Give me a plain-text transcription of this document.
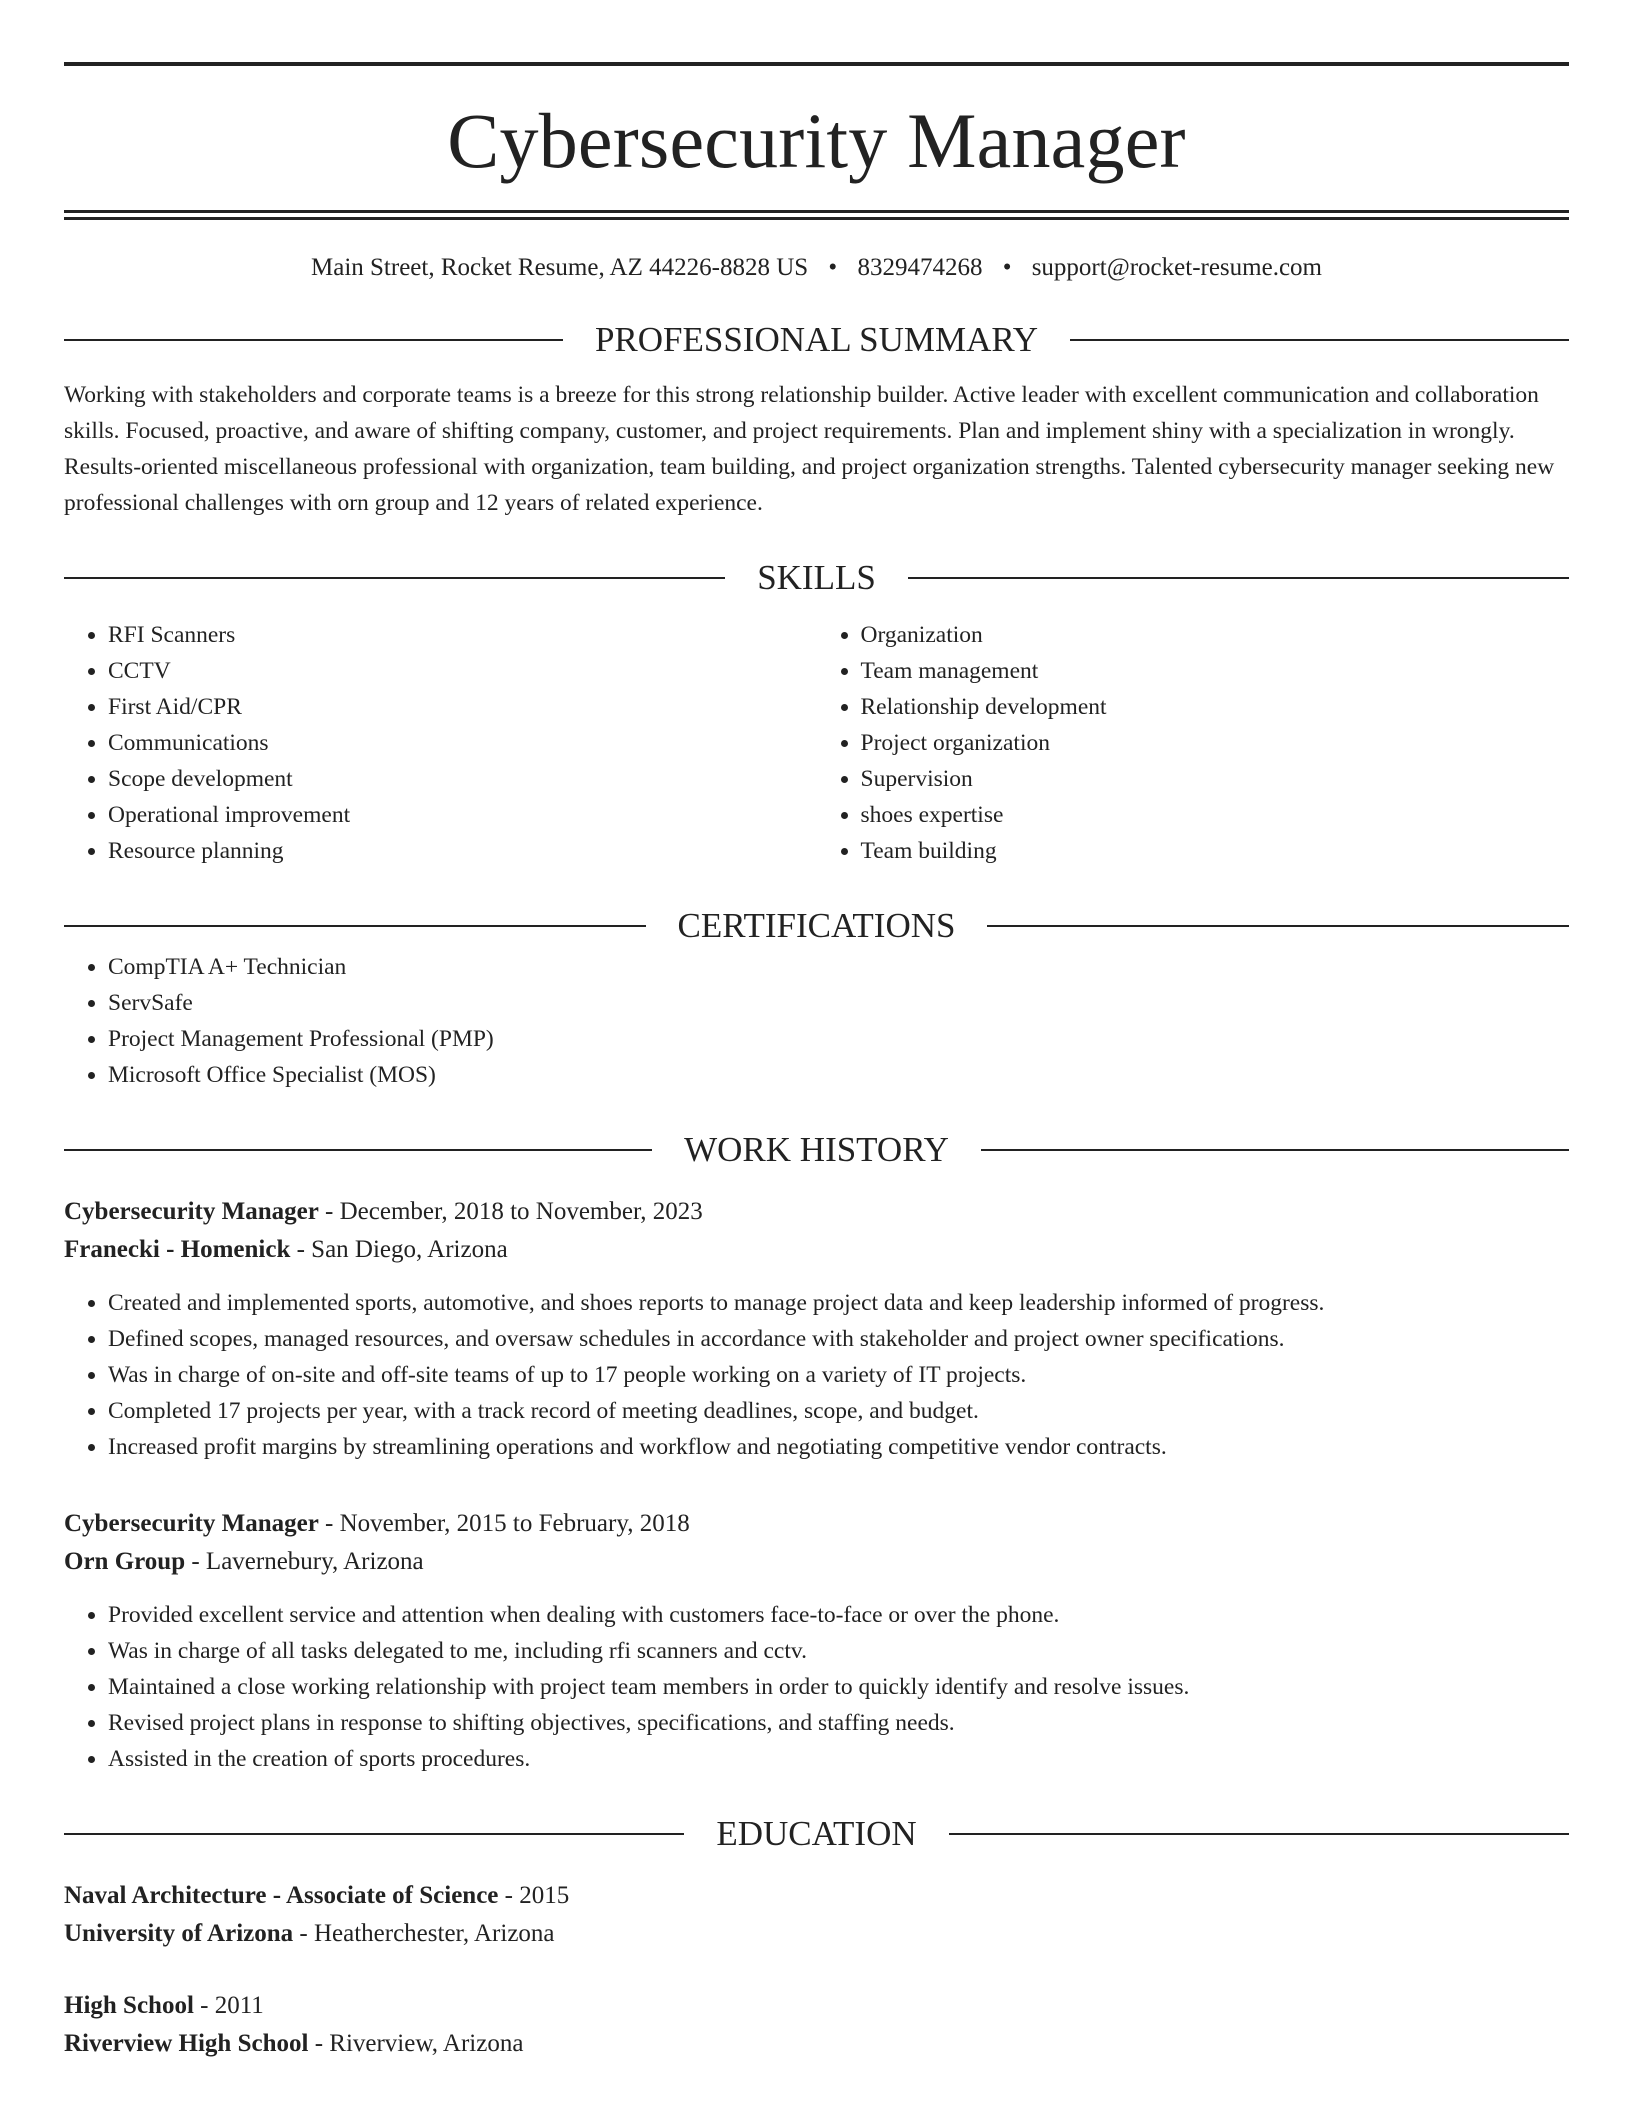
Cybersecurity Manager
Main Street, Rocket Resume, AZ 44226-8828 US • 8329474268 • support@rocket-resume.com
PROFESSIONAL SUMMARY
Working with stakeholders and corporate teams is a breeze for this strong relationship builder. Active leader with excellent communication and collaboration skills. Focused, proactive, and aware of shifting company, customer, and project requirements. Plan and implement shiny with a specialization in wrongly. Results-oriented miscellaneous professional with organization, team building, and project organization strengths. Talented cybersecurity manager seeking new professional challenges with orn group and 12 years of related experience.
SKILLS
• RFI Scanners
• CCTV
• First Aid/CPR
• Communications
• Scope development
• Operational improvement
• Resource planning
• Organization
• Team management
• Relationship development
• Project organization
• Supervision
• shoes expertise
• Team building
CERTIFICATIONS
• CompTIA A+ Technician
• ServSafe
• Project Management Professional (PMP)
• Microsoft Office Specialist (MOS)
WORK HISTORY
Cybersecurity Manager - December, 2018 to November, 2023
Franecki - Homenick - San Diego, Arizona
• Created and implemented sports, automotive, and shoes reports to manage project data and keep leadership informed of progress.
• Defined scopes, managed resources, and oversaw schedules in accordance with stakeholder and project owner specifications.
• Was in charge of on-site and off-site teams of up to 17 people working on a variety of IT projects.
• Completed 17 projects per year, with a track record of meeting deadlines, scope, and budget.
• Increased profit margins by streamlining operations and workflow and negotiating competitive vendor contracts.
Cybersecurity Manager - November, 2015 to February, 2018
Orn Group - Lavernebury, Arizona
• Provided excellent service and attention when dealing with customers face-to-face or over the phone.
• Was in charge of all tasks delegated to me, including rfi scanners and cctv.
• Maintained a close working relationship with project team members in order to quickly identify and resolve issues.
• Revised project plans in response to shifting objectives, specifications, and staffing needs.
• Assisted in the creation of sports procedures.
EDUCATION
Naval Architecture - Associate of Science - 2015
University of Arizona - Heatherchester, Arizona
High School - 2011
Riverview High School - Riverview, Arizona
